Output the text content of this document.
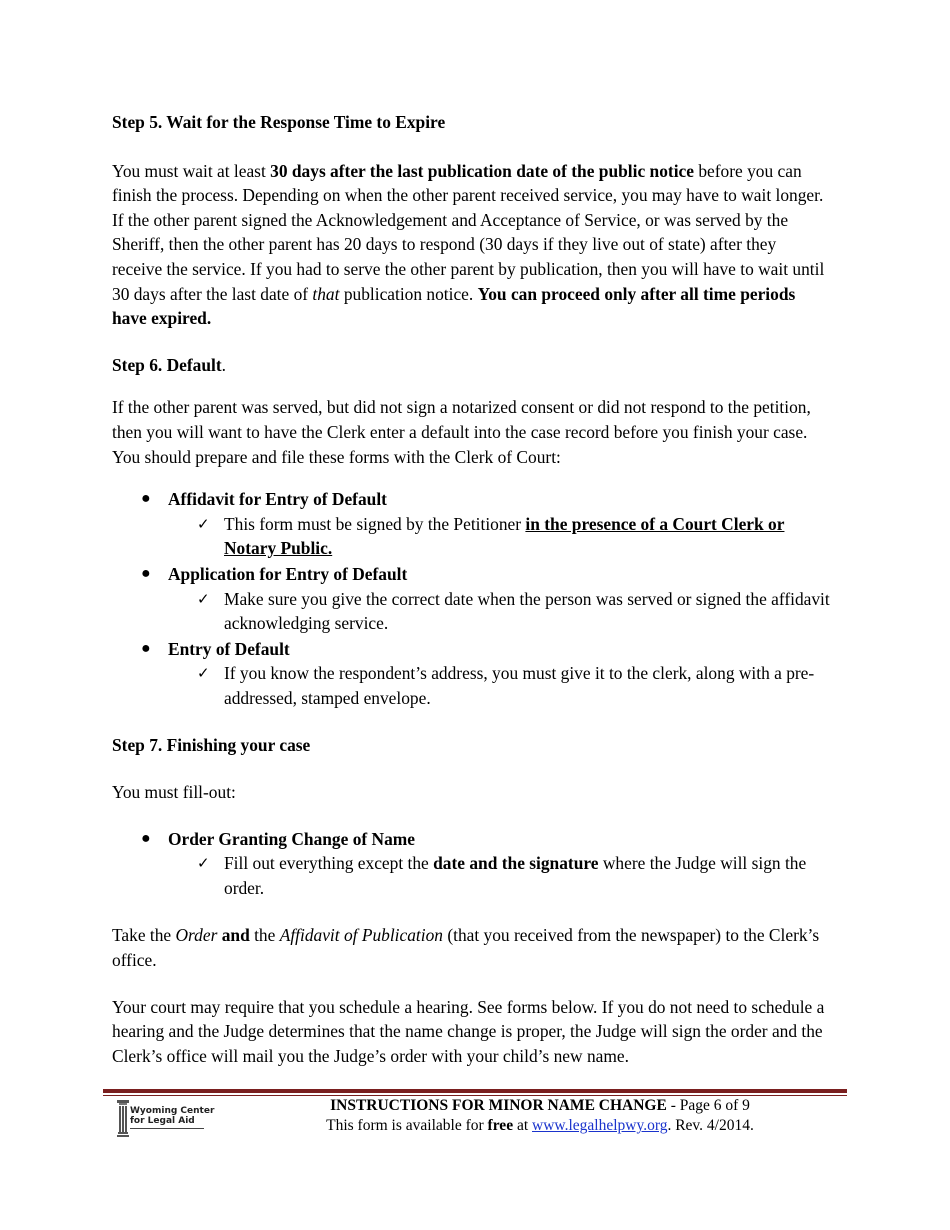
Step 5. Wait for the Response Time to Expire

You must wait at least 30 days after the last publication date of the public notice before you can finish the process. Depending on when the other parent received service, you may have to wait longer. If the other parent signed the Acknowledgement and Acceptance of Service, or was served by the Sheriff, then the other parent has 20 days to respond (30 days if they live out of state) after they receive the service. If you had to serve the other parent by publication, then you will have to wait until 30 days after the last date of that publication notice. You can proceed only after all time periods have expired.

Step 6. Default.

If the other parent was served, but did not sign a notarized consent or did not respond to the petition, then you will want to have the Clerk enter a default into the case record before you finish your case. You should prepare and file these forms with the Clerk of Court:

● Affidavit for Entry of Default
✓ This form must be signed by the Petitioner in the presence of a Court Clerk or Notary Public.
● Application for Entry of Default
✓ Make sure you give the correct date when the person was served or signed the affidavit acknowledging service.
● Entry of Default
✓ If you know the respondent’s address, you must give it to the clerk, along with a pre-addressed, stamped envelope.

Step 7. Finishing your case

You must fill-out:

● Order Granting Change of Name
✓ Fill out everything except the date and the signature where the Judge will sign the order.

Take the Order and the Affidavit of Publication (that you received from the newspaper) to the Clerk’s office.

Your court may require that you schedule a hearing. See forms below. If you do not need to schedule a hearing and the Judge determines that the name change is proper, the Judge will sign the order and the Clerk’s office will mail you the Judge’s order with your child’s new name.

Wyoming Center
for Legal Aid
INSTRUCTIONS FOR MINOR NAME CHANGE - Page 6 of 9
This form is available for free at www.legalhelpwy.org. Rev. 4/2014.
